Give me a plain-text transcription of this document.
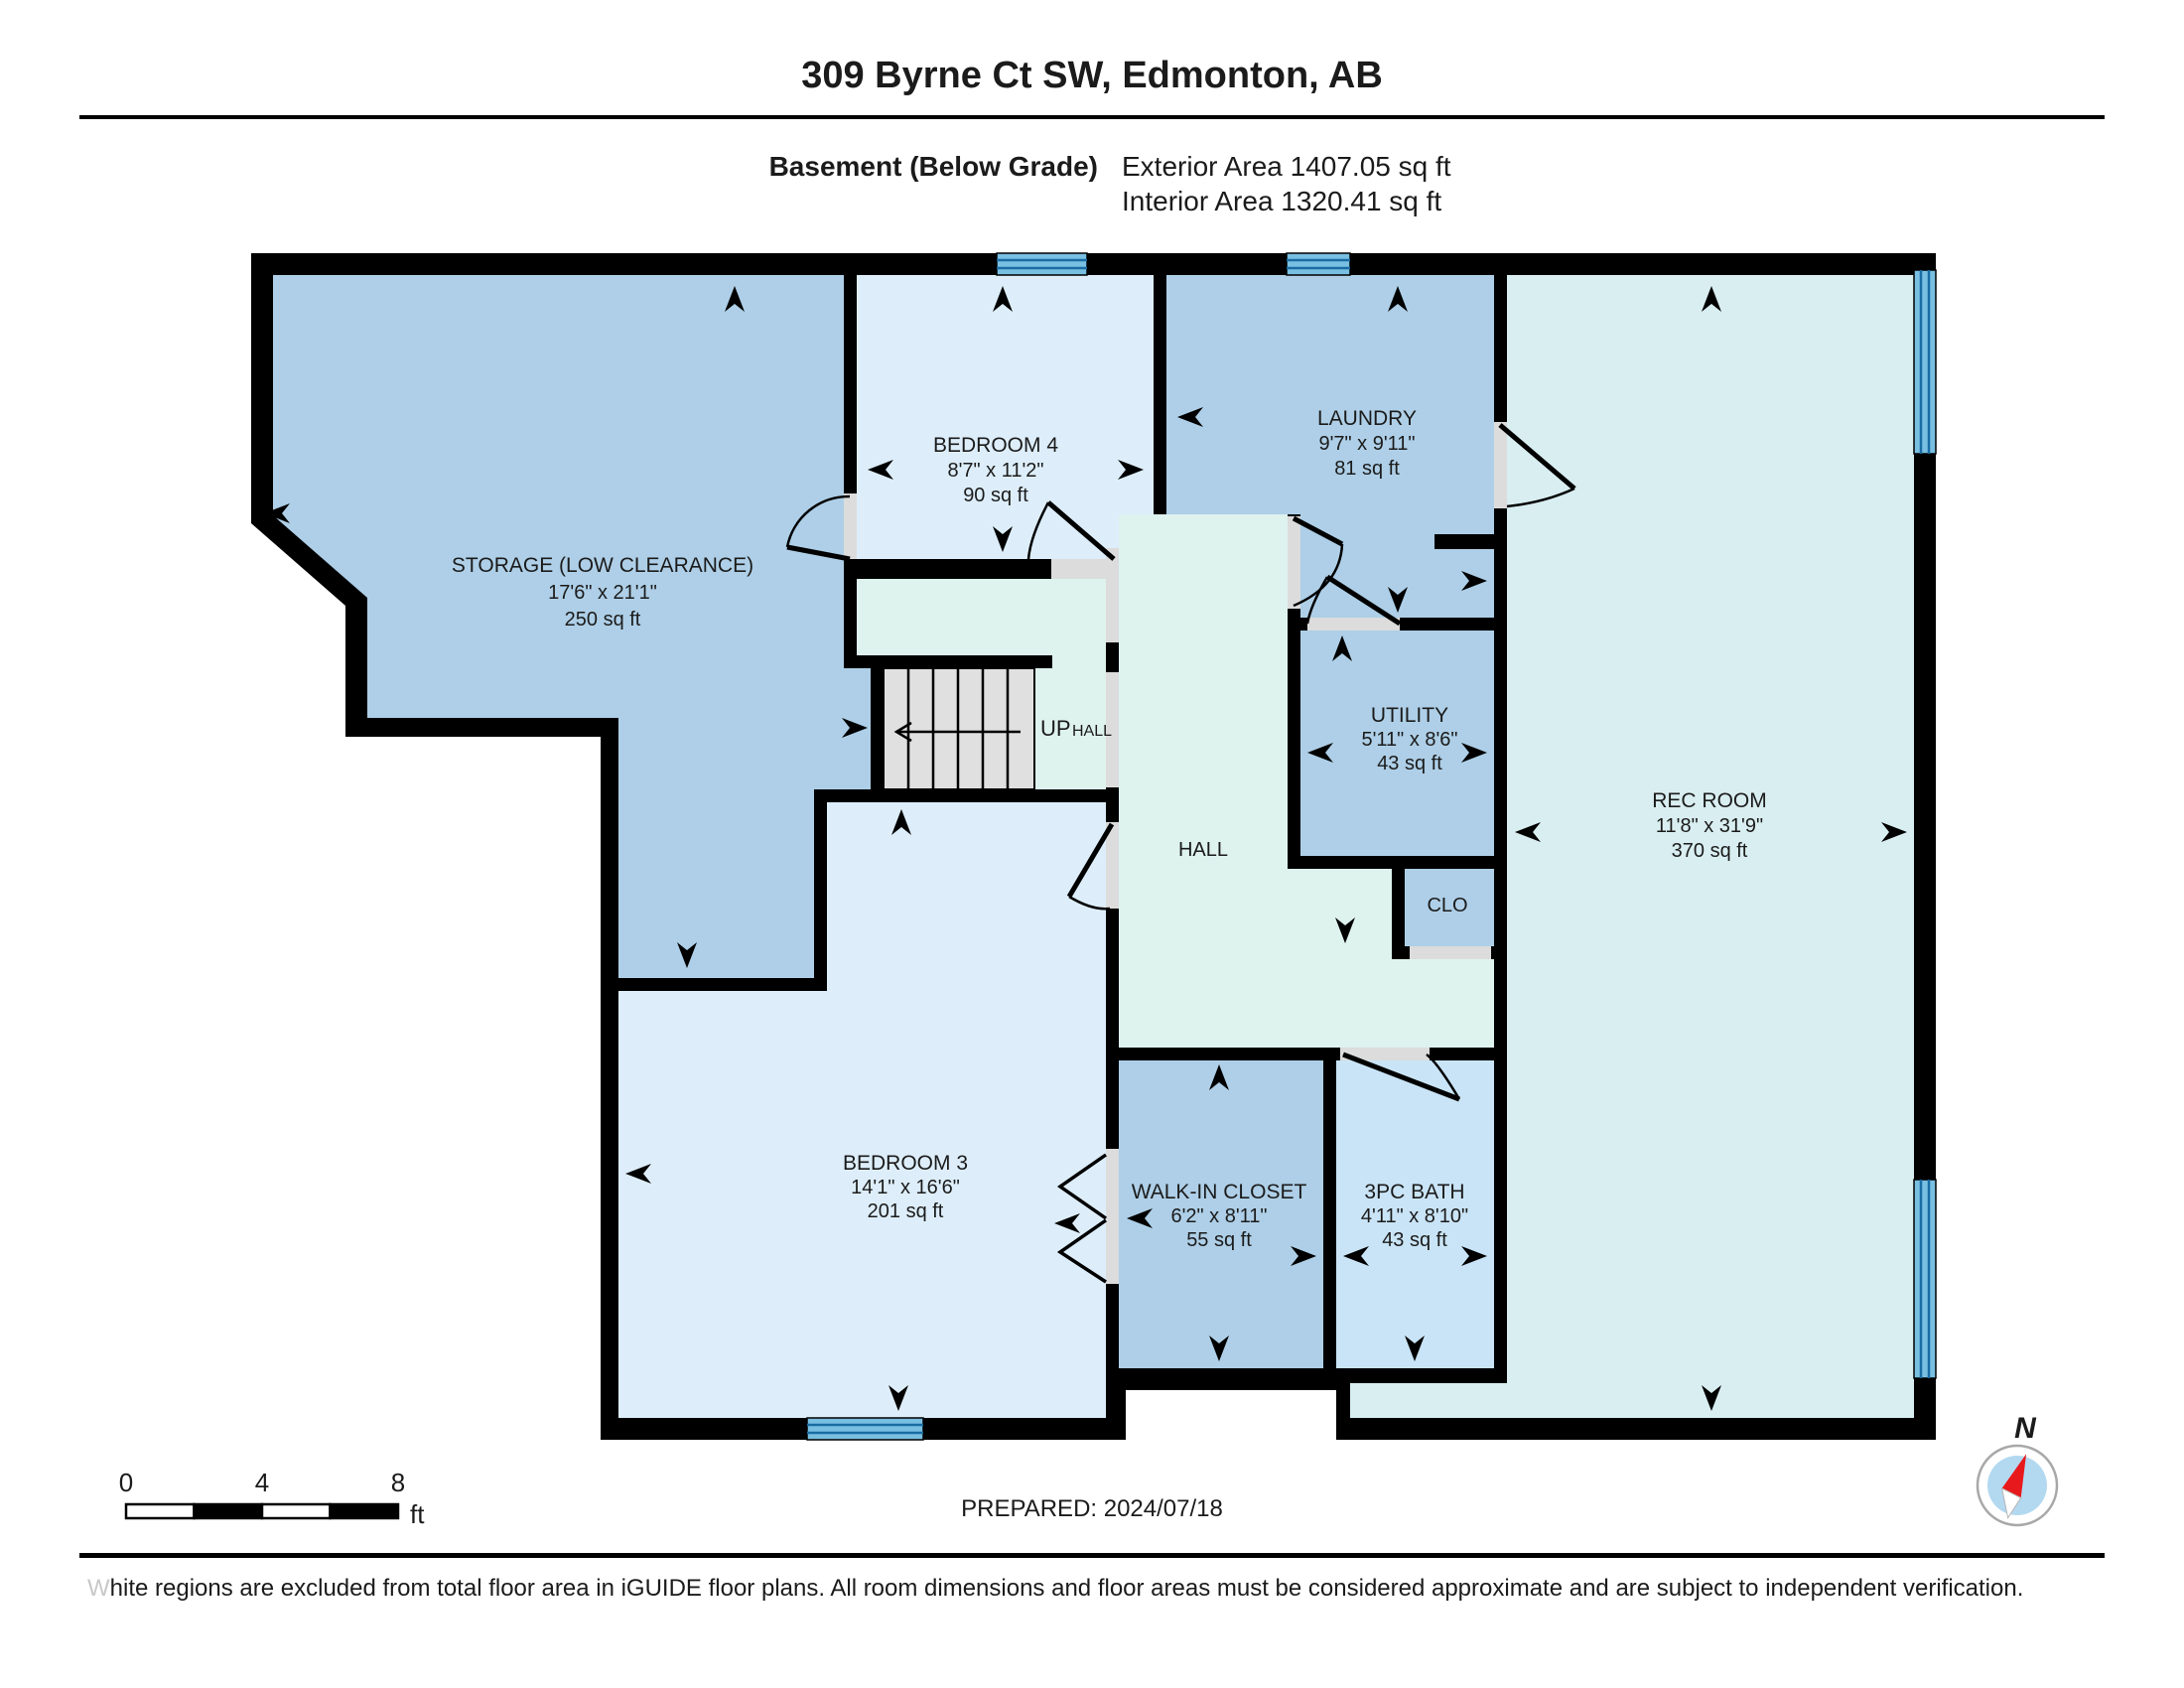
309 Byrne Ct SW, Edmonton, AB
Basement (Below Grade) Exterior Area 1407.05 sq ft
Interior Area 1320.41 sq ft
STORAGE (LOW CLEARANCE)
17'6" x 21'1"
250 sq ft
BEDROOM 4
8'7" x 11'2"
90 sq ft
LAUNDRY
9'7" x 9'11"
81 sq ft
UTILITY
5'11" x 8'6"
43 sq ft
REC ROOM
11'8" x 31'9"
370 sq ft
BEDROOM 3
14'1" x 16'6"
201 sq ft
WALK-IN CLOSET
6'2" x 8'11"
55 sq ft
3PC BATH
4'11" x 8'10"
43 sq ft
CLO
HALL
UP HALL
0	4	8
ft	PREPARED: 2024/07/18
N
White regions are excluded from total floor area in iGUIDE floor plans. All room dimensions and floor areas must be considered approximate and are subject to independent verification.
